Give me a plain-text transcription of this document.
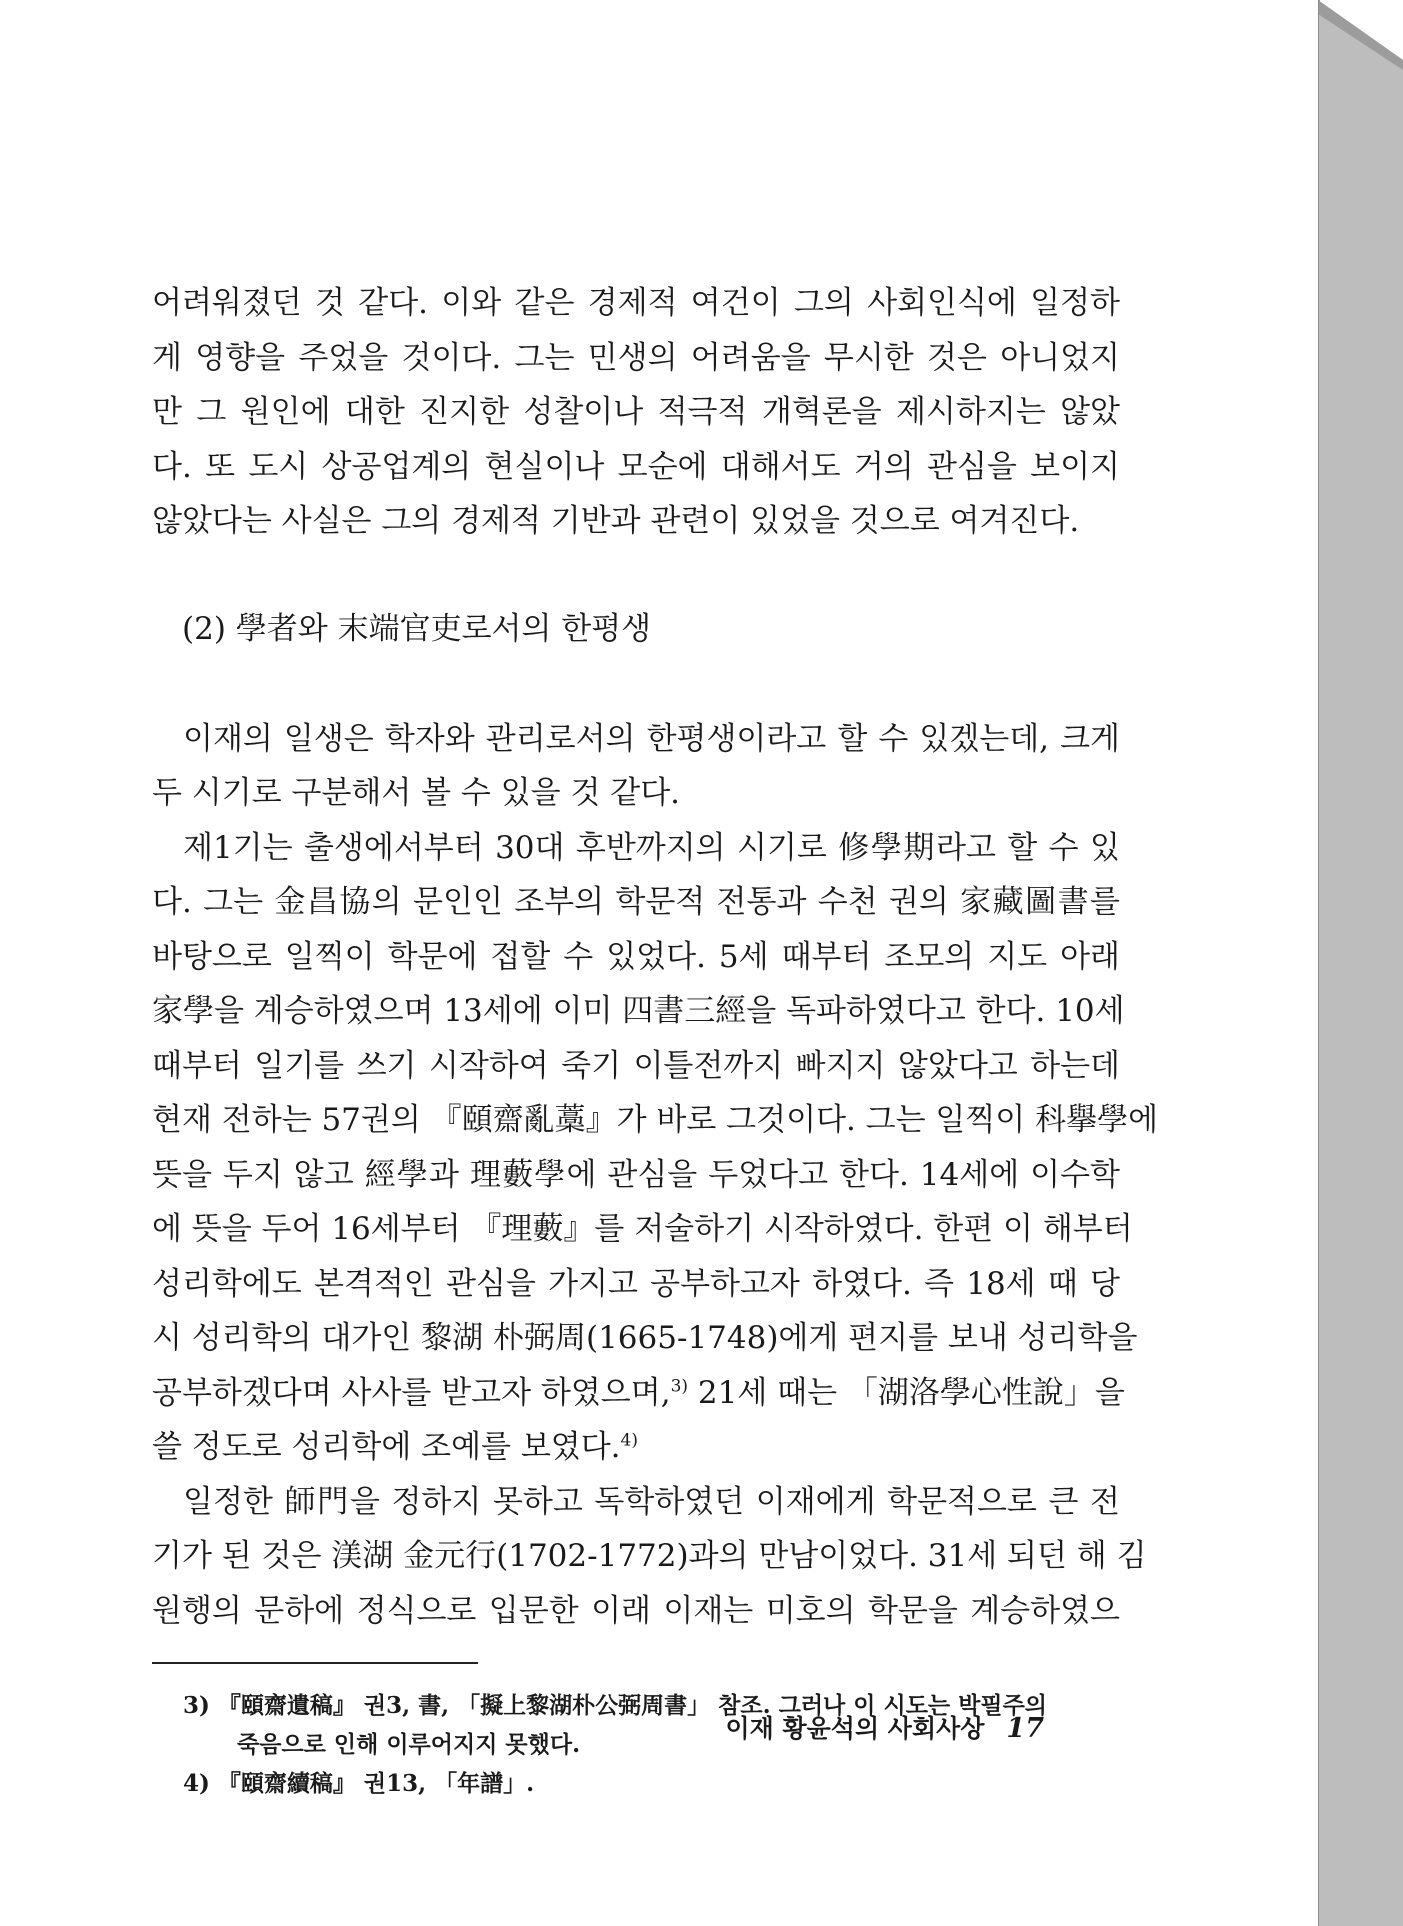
어려워졌던 것 같다. 이와 같은 경제적 여건이 그의 사회인식에 일정하
게 영향을 주었을 것이다. 그는 민생의 어려움을 무시한 것은 아니었지
만 그 원인에 대한 진지한 성찰이나 적극적 개혁론을 제시하지는 않았
다. 또 도시 상공업계의 현실이나 모순에 대해서도 거의 관심을 보이지
않았다는 사실은 그의 경제적 기반과 관련이 있었을 것으로 여겨진다.

(2) 學者와 末端官吏로서의 한평생

이재의 일생은 학자와 관리로서의 한평생이라고 할 수 있겠는데, 크게
두 시기로 구분해서 볼 수 있을 것 같다.

제1기는 출생에서부터 30대 후반까지의 시기로 修學期라고 할 수 있
다. 그는 金昌協의 문인인 조부의 학문적 전통과 수천 권의 家藏圖書를
바탕으로 일찍이 학문에 접할 수 있었다. 5세 때부터 조모의 지도 아래
家學을 계승하였으며 13세에 이미 四書三經을 독파하였다고 한다. 10세
때부터 일기를 쓰기 시작하여 죽기 이틀전까지 빠지지 않았다고 하는데
현재 전하는 57권의 『頤齋亂藁』가 바로 그것이다. 그는 일찍이 科擧學에
뜻을 두지 않고 經學과 理藪學에 관심을 두었다고 한다. 14세에 이수학
에 뜻을 두어 16세부터 『理藪』를 저술하기 시작하였다. 한편 이 해부터
성리학에도 본격적인 관심을 가지고 공부하고자 하였다. 즉 18세 때 당
시 성리학의 대가인 黎湖 朴弼周(1665-1748)에게 편지를 보내 성리학을
공부하겠다며 사사를 받고자 하였으며,$^{3)}$ 21세 때는 「湖洛學心性說」을
쓸 정도로 성리학에 조예를 보였다.$^{4)}$

일정한 師門을 정하지 못하고 독학하였던 이재에게 학문적으로 큰 전
기가 된 것은 渼湖 金元行(1702-1772)과의 만남이었다. 31세 되던 해 김
원행의 문하에 정식으로 입문한 이래 이재는 미호의 학문을 계승하였으

3) 『頤齋遺稿』 권3, 書, 「擬上黎湖朴公弼周書」 참조. 그러나 이 시도는 박필주의
죽음으로 인해 이루어지지 못했다.
4) 『頤齋續稿』 권13, 「年譜」.
이재 황윤석의 사회사상 17
